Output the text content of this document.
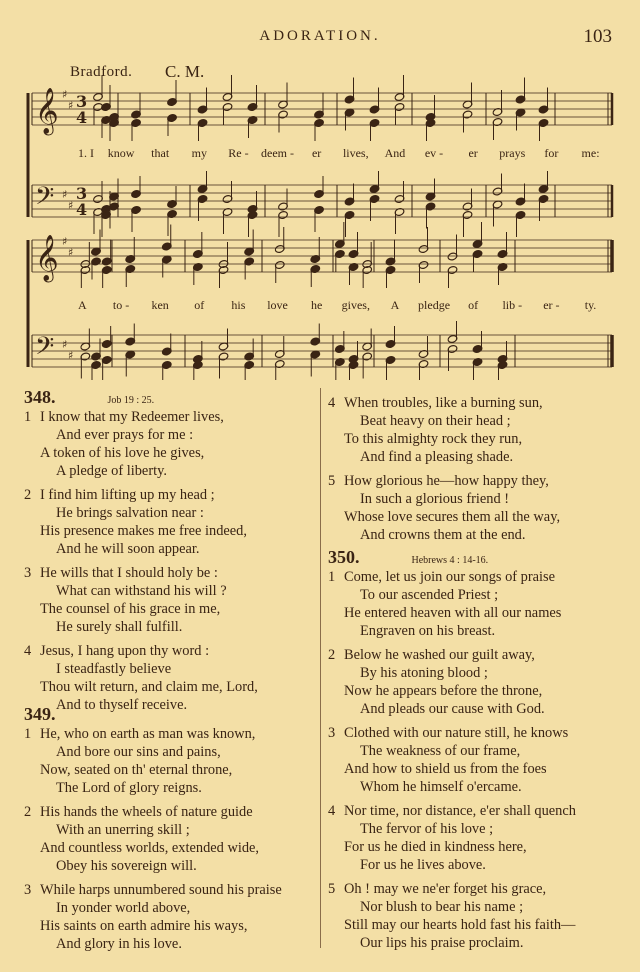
ADORATION.	103
Bradford. C. M.
𝄞 ♯
♯ 3
4
𝄢 ♯
♯
3
4
𝄞 ♯
♯
𝄢 ♯
♯
1. I	know	that	my	Re -	deem -	er	lives,	And	ev -	er	prays	for	me:
A	to -	ken	of	his	love	he	gives,	A	pledge	of	lib -	er -	ty.
348.	Job 19 : 25.
1 I know that my Redeemer lives,
And ever prays for me :
A token of his love he gives,
A pledge of liberty.
2 I find him lifting up my head ;
He brings salvation near :
His presence makes me free indeed,
And he will soon appear.
3 He wills that I should holy be :
What can withstand his will ?
The counsel of his grace in me,
He surely shall fulfill.
4 Jesus, I hang upon thy word :
I steadfastly believe
Thou wilt return, and claim me, Lord,
And to thyself receive.
349.
1 He, who on earth as man was known,
And bore our sins and pains,
Now, seated on th' eternal throne,
The Lord of glory reigns.
2 His hands the wheels of nature guide
With an unerring skill ;
And countless worlds, extended wide,
Obey his sovereign will.
3 While harps unnumbered sound his praise
In yonder world above,
His saints on earth admire his ways,
And glory in his love.
4 When troubles, like a burning sun,
Beat heavy on their head ;
To this almighty rock they run,
And find a pleasing shade.
5 How glorious he—how happy they,
In such a glorious friend !
Whose love secures them all the way,
And crowns them at the end.
350.	Hebrews 4 : 14-16.
1 Come, let us join our songs of praise
To our ascended Priest ;
He entered heaven with all our names
Engraven on his breast.
2 Below he washed our guilt away,
By his atoning blood ;
Now he appears before the throne,
And pleads our cause with God.
3 Clothed with our nature still, he knows
The weakness of our frame,
And how to shield us from the foes
Whom he himself o'ercame.
4 Nor time, nor distance, e'er shall quench
The fervor of his love ;
For us he died in kindness here,
For us he lives above.
5 Oh ! may we ne'er forget his grace,
Nor blush to bear his name ;
Still may our hearts hold fast his faith—
Our lips his praise proclaim.
